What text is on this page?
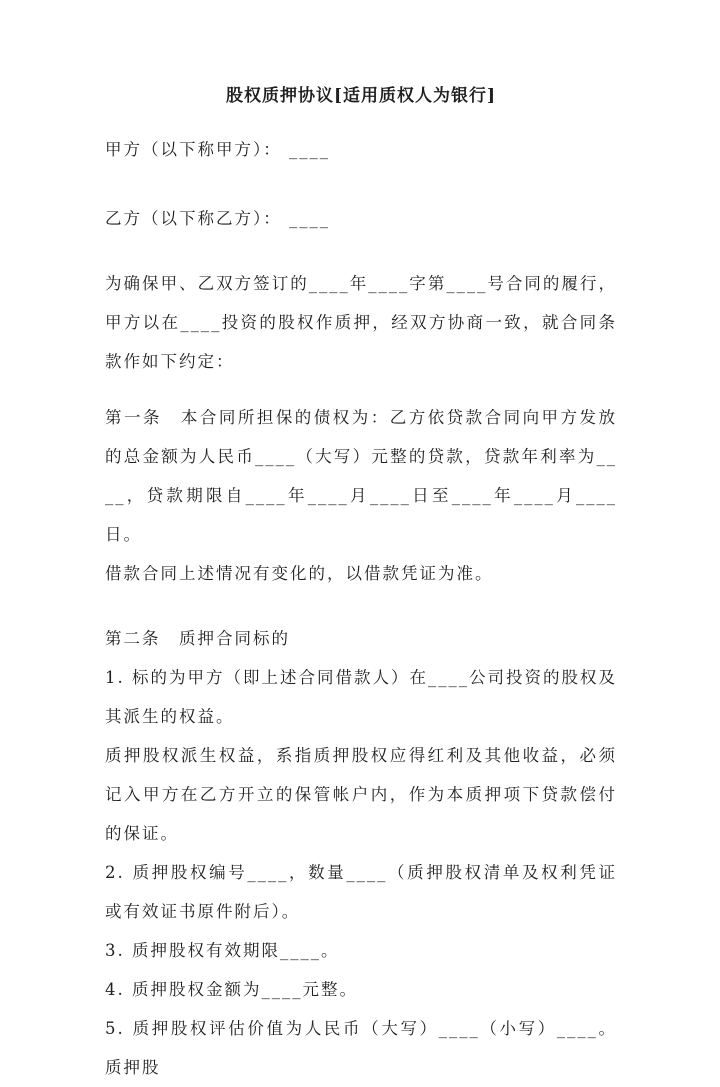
股权质押协议[适用质权人为银行]

甲方（以下称甲方）： ____

乙方（以下称乙方）： ____

为确保甲、乙双方签订的____年____字第____号合同的履行，甲方以在____投资的股权作质押，经双方协商一致，就合同条款作如下约定：

第一条　本合同所担保的债权为：乙方依贷款合同向甲方发放的总金额为人民币____（大写）元整的贷款，贷款年利率为____，贷款期限自____年____月____日至____年____月____日。

借款合同上述情况有变化的，以借款凭证为准。

第二条　质押合同标的

1. 标的为甲方（即上述合同借款人）在____公司投资的股权及其派生的权益。

质押股权派生权益，系指质押股权应得红利及其他收益，必须记入甲方在乙方开立的保管帐户内，作为本质押项下贷款偿付的保证。

2. 质押股权编号____，数量____（质押股权清单及权利凭证或有效证书原件附后）。

3. 质押股权有效期限____。

4. 质押股权金额为____元整。

5. 质押股权评估价值为人民币（大写）____（小写）____。质押股
